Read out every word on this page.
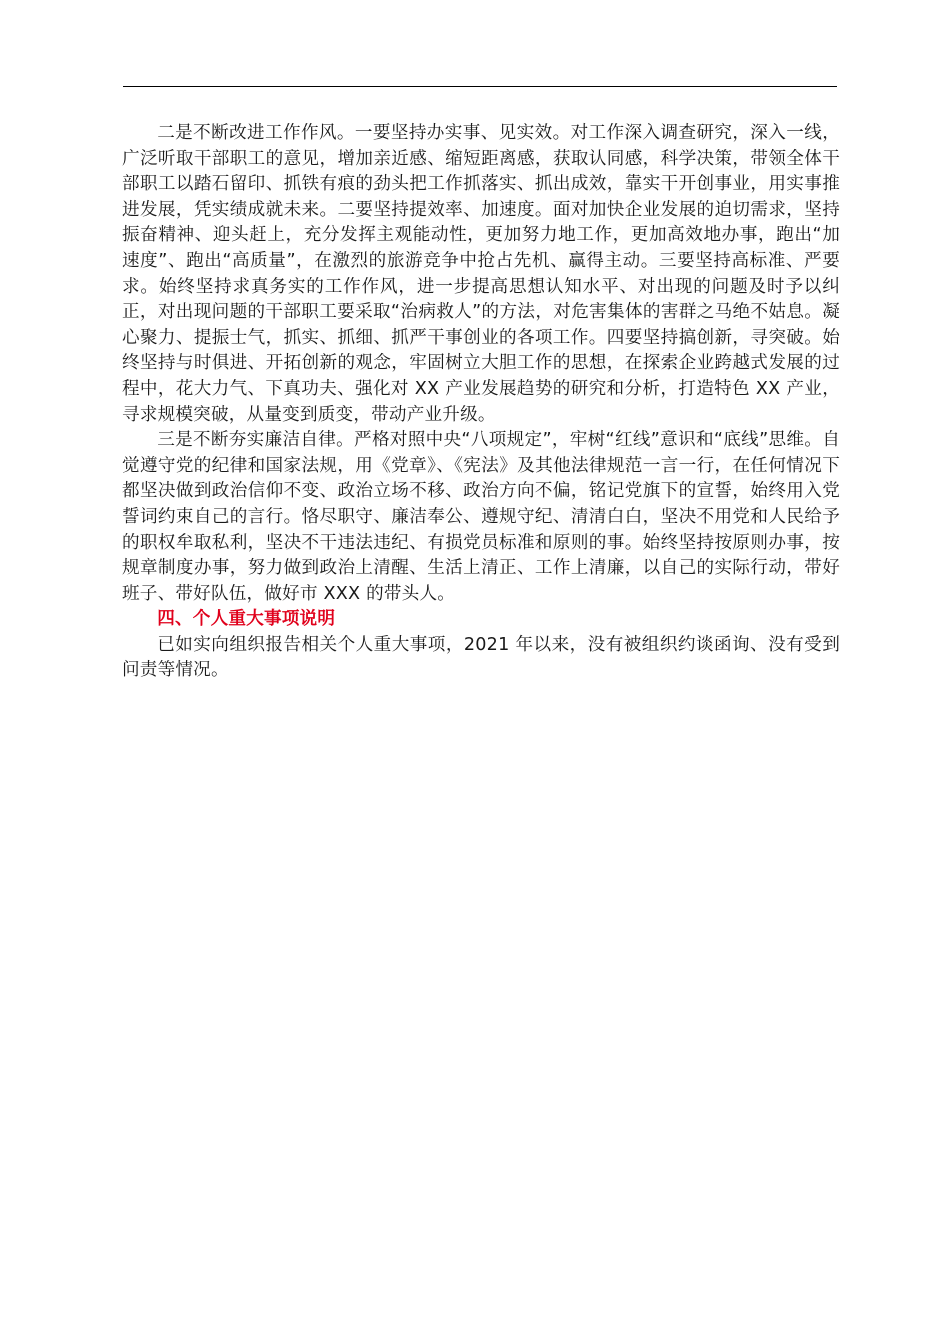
二是不断改进工作作风。一要坚持办实事、见实效。对工作深入调查研究，深入一线，广泛听取干部职工的意见，增加亲近感、缩短距离感，获取认同感，科学决策，带领全体干部职工以踏石留印、抓铁有痕的劲头把工作抓落实、抓出成效，靠实干开创事业，用实事推进发展，凭实绩成就未来。二要坚持提效率、加速度。面对加快企业发展的迫切需求，坚持振奋精神、迎头赶上，充分发挥主观能动性，更加努力地工作，更加高效地办事，跑出“加速度”、跑出“高质量”，在激烈的旅游竞争中抢占先机、赢得主动。三要坚持高标准、严要求。始终坚持求真务实的工作作风，进一步提高思想认知水平、对出现的问题及时予以纠正，对出现问题的干部职工要采取“治病救人”的方法，对危害集体的害群之马绝不姑息。凝心聚力、提振士气，抓实、抓细、抓严干事创业的各项工作。四要坚持搞创新，寻突破。始终坚持与时俱进、开拓创新的观念，牢固树立大胆工作的思想，在探索企业跨越式发展的过程中，花大力气、下真功夫、强化对 XX 产业发展趋势的研究和分析，打造特色 XX 产业，寻求规模突破，从量变到质变，带动产业升级。

三是不断夯实廉洁自律。严格对照中央“八项规定”，牢树“红线”意识和“底线”思维。自觉遵守党的纪律和国家法规，用《党章》、《宪法》及其他法律规范一言一行，在任何情况下都坚决做到政治信仰不变、政治立场不移、政治方向不偏，铭记党旗下的宣誓，始终用入党誓词约束自己的言行。恪尽职守、廉洁奉公、遵规守纪、清清白白，坚决不用党和人民给予的职权牟取私利，坚决不干违法违纪、有损党员标准和原则的事。始终坚持按原则办事，按规章制度办事，努力做到政治上清醒、生活上清正、工作上清廉，以自己的实际行动，带好班子、带好队伍，做好市 XXX 的带头人。

四、个人重大事项说明

已如实向组织报告相关个人重大事项，2021 年以来，没有被组织约谈函询、没有受到问责等情况。
